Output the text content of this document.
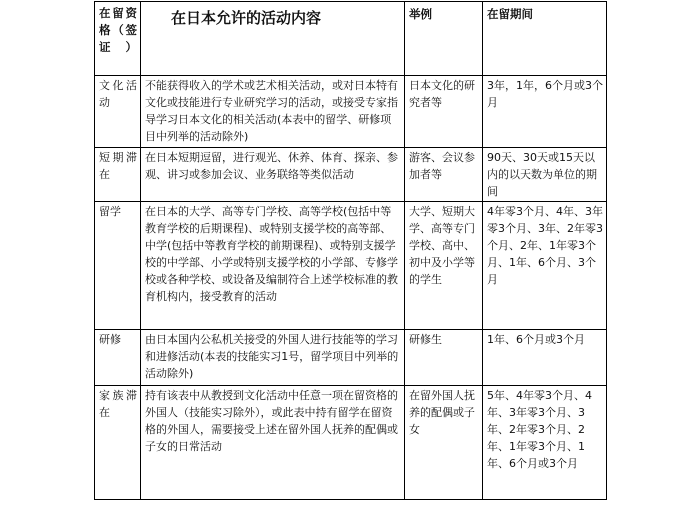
在留资格（签证）	在日本允许的活动内容	举例	在留期间
文化活动	不能获得收入的学术或艺术相关活动，或对日本特有文化或技能进行专业研究学习的活动，或接受专家指导学习日本文化的相关活动(本表中的留学、研修项目中列举的活动除外)	日本文化的研究者等	3年，1年，6个月或3个月
短期滞在	在日本短期逗留，进行观光、休养、体育、探亲、参观、讲习或参加会议、业务联络等类似活动	游客、会议参加者等	90天、30天或15天以内的以天数为单位的期间
留学	在日本的大学、高等专门学校、高等学校(包括中等教育学校的后期课程)、或特别支援学校的高等部、中学(包括中等教育学校的前期课程)、或特别支援学校的中学部、小学或特别支援学校的小学部、专修学校或各种学校、或设备及编制符合上述学校标准的教育机构内，接受教育的活动	大学、短期大学、高等专门学校、高中、初中及小学等的学生	4年零3个月、4年、3年零3个月、3年、2年零3个月、2年、1年零3个月、1年、6个月、3个月
研修	由日本国内公私机关接受的外国人进行技能等的学习和进修活动(本表的技能实习1号，留学项目中列举的活动除外)	研修生	1年、6个月或3个月
家族滞在	持有该表中从教授到文化活动中任意一项在留资格的外国人（技能实习除外），或此表中持有留学在留资格的外国人，需要接受上述在留外国人抚养的配偶或子女的日常活动	在留外国人抚养的配偶或子女	5年、4年零3个月、4年、3年零3个月、3年、2年零3个月、2年、1年零3个月、1年、6个月或3个月
